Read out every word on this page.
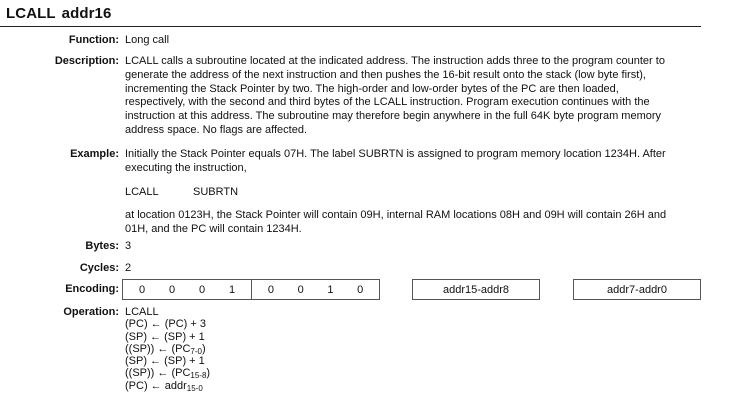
LCALL addr16
Function: Long call
Description: LCALL calls a subroutine located at the indicated address. The instruction adds three to the program counter to
generate the address of the next instruction and then pushes the 16-bit result onto the stack (low byte first),
incrementing the Stack Pointer by two. The high-order and low-order bytes of the PC are then loaded,
respectively, with the second and third bytes of the LCALL instruction. Program execution continues with the
instruction at this address. The subroutine may therefore begin anywhere in the full 64K byte program memory
address space. No flags are affected.
Example: Initially the Stack Pointer equals 07H. The label SUBRTN is assigned to program memory location 1234H. After
executing the instruction,
LCALL	SUBRTN
at location 0123H, the Stack Pointer will contain 09H, internal RAM locations 08H and 09H will contain 26H and
01H, and the PC will contain 1234H.
Bytes: 3
Cycles: 2
Encoding: 0 0 0 1	0 0 1 0	addr15-addr8	addr7-addr0
Operation: LCALL
(PC) ← (PC) + 3
(SP) ← (SP) + 1
((SP)) ← $(PC_{7-0})$
(SP) ← (SP) + 1
((SP)) ← $(PC_{15-8})$
(PC) ← addr$_{15-0}$
